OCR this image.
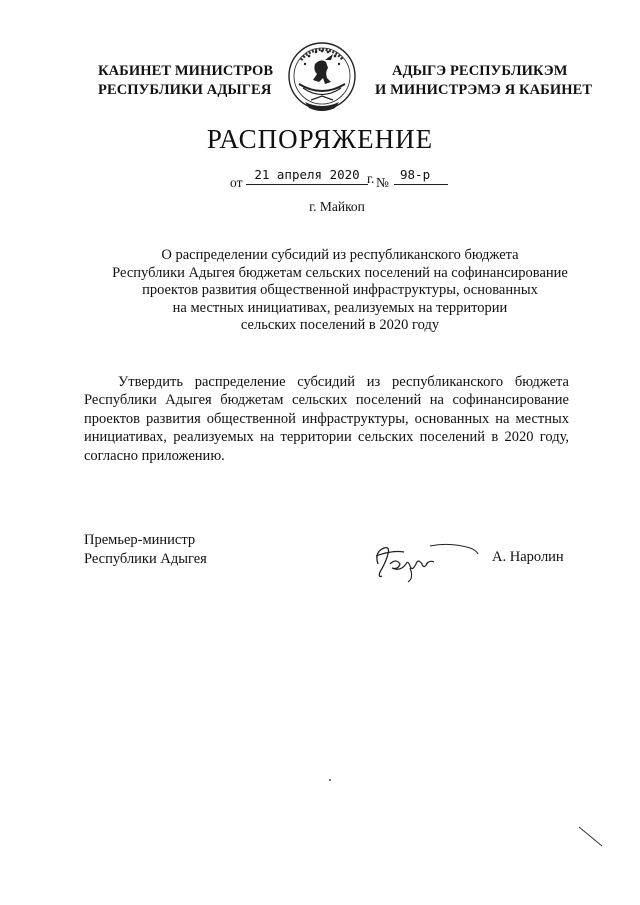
КАБИНЕТ МИНИСТРОВ
РЕСПУБЛИКИ АДЫГЕЯ
АДЫГЭ РЕСПУБЛИКЭМ
И МИНИСТРЭМЭ Я КАБИНЕТ
РАСПОРЯЖЕНИЕ
от
21 апреля 2020 г. №
98-р
г. Майкоп
О распределении субсидий из республиканского бюджета
Республики Адыгея бюджетам сельских поселений на софинансирование
проектов развития общественной инфраструктуры, основанных
на местных инициативах, реализуемых на территории
сельских поселений в 2020 году

Утвердить распределение субсидий из республиканского бюджета Республики Адыгея бюджетам сельских поселений на софинансирование проектов развития общественной инфраструктуры, основанных на местных инициативах, реализуемых на территории сельских поселений в 2020 году, согласно приложению.

Премьер-министр
Республики Адыгея	А. Наролин
